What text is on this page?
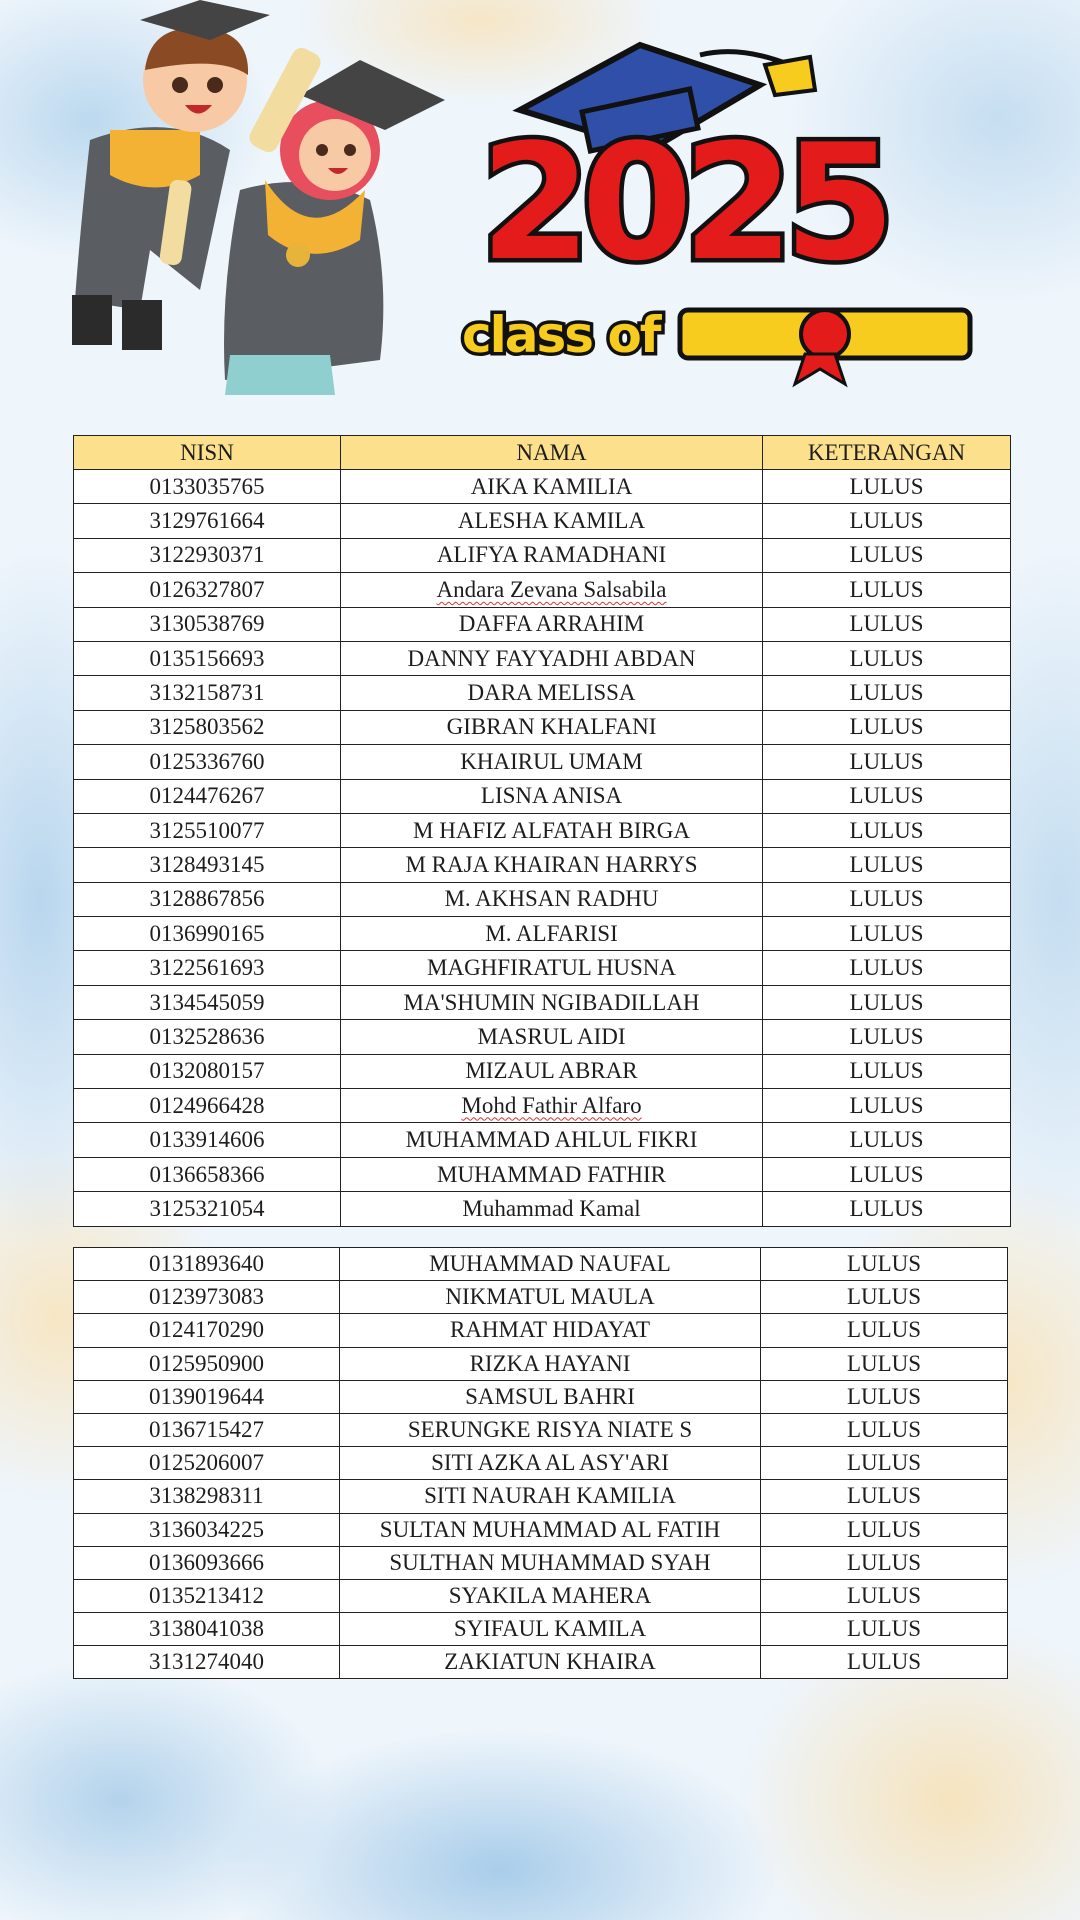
2025
class of
NISN	NAMA	KETERANGAN
0133035765	AIKA KAMILIA	LULUS
3129761664	ALESHA KAMILA	LULUS
3122930371	ALIFYA RAMADHANI	LULUS
0126327807	Andara Zevana Salsabila	LULUS
3130538769	DAFFA ARRAHIM	LULUS
0135156693	DANNY FAYYADHI ABDAN	LULUS
3132158731	DARA MELISSA	LULUS
3125803562	GIBRAN KHALFANI	LULUS
0125336760	KHAIRUL UMAM	LULUS
0124476267	LISNA ANISA	LULUS
3125510077	M HAFIZ ALFATAH BIRGA	LULUS
3128493145	M RAJA KHAIRAN HARRYS	LULUS
3128867856	M. AKHSAN RADHU	LULUS
0136990165	M. ALFARISI	LULUS
3122561693	MAGHFIRATUL HUSNA	LULUS
3134545059	MA'SHUMIN NGIBADILLAH	LULUS
0132528636	MASRUL AIDI	LULUS
0132080157	MIZAUL ABRAR	LULUS
0124966428	Mohd Fathir Alfaro	LULUS
0133914606	MUHAMMAD AHLUL FIKRI	LULUS
0136658366	MUHAMMAD FATHIR	LULUS
3125321054	Muhammad Kamal	LULUS
0131893640	MUHAMMAD NAUFAL	LULUS
0123973083	NIKMATUL MAULA	LULUS
0124170290	RAHMAT HIDAYAT	LULUS
0125950900	RIZKA HAYANI	LULUS
0139019644	SAMSUL BAHRI	LULUS
0136715427	SERUNGKE RISYA NIATE S	LULUS
0125206007	SITI AZKA AL ASY'ARI	LULUS
3138298311	SITI NAURAH KAMILIA	LULUS
3136034225	SULTAN MUHAMMAD AL FATIH	LULUS
0136093666	SULTHAN MUHAMMAD SYAH	LULUS
0135213412	SYAKILA MAHERA	LULUS
3138041038	SYIFAUL KAMILA	LULUS
3131274040	ZAKIATUN KHAIRA	LULUS
